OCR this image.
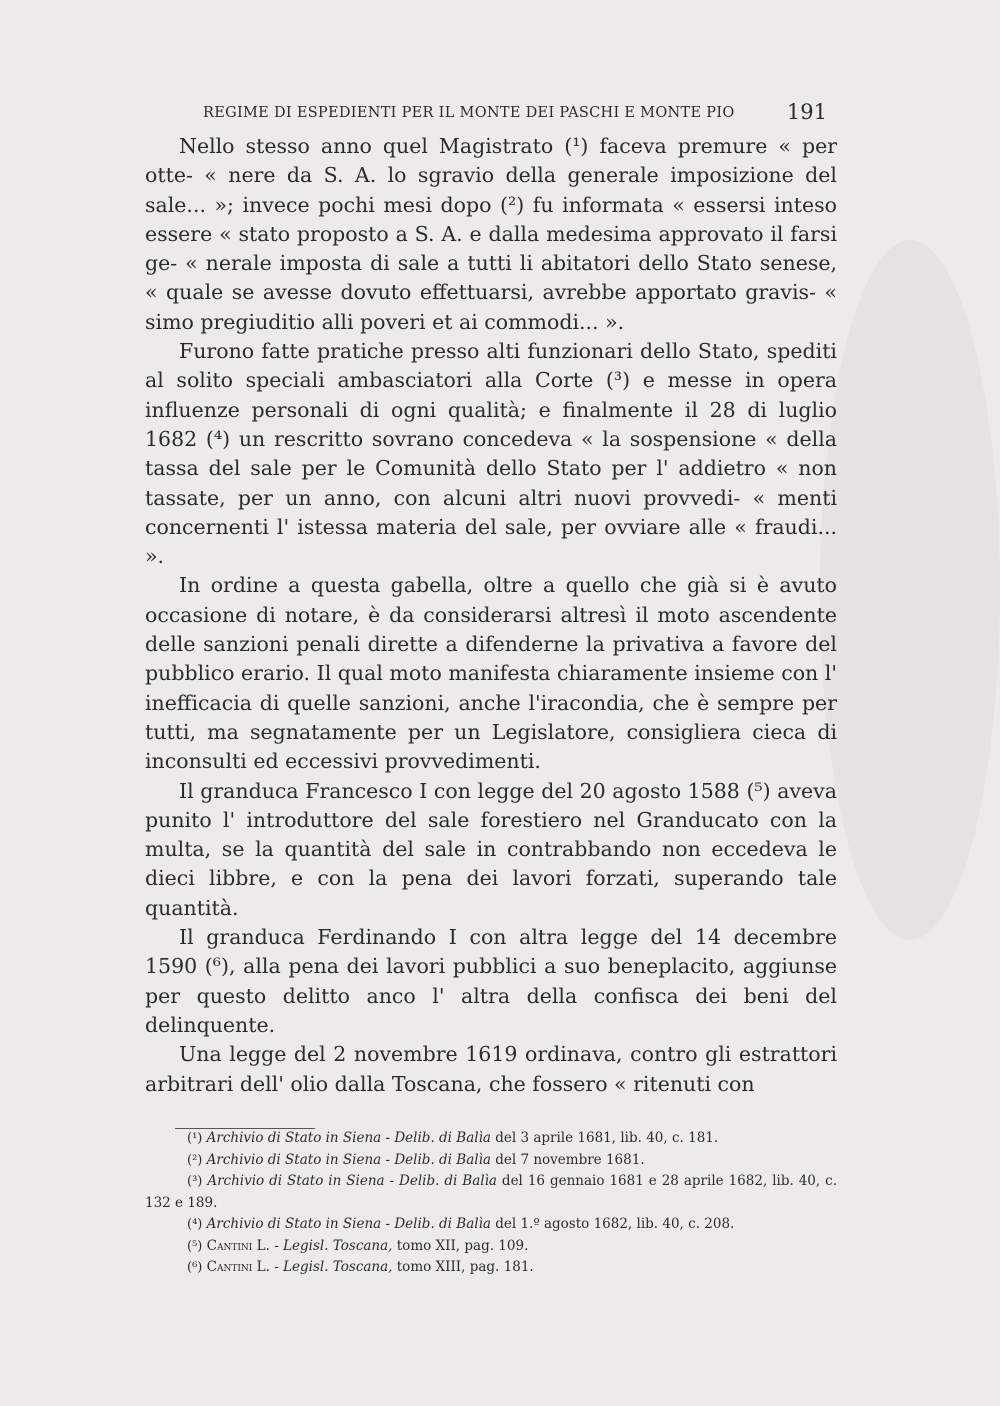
REGIME DI ESPEDIENTI PER IL MONTE DEI PASCHI E MONTE PIO 191

Nello stesso anno quel Magistrato (¹) faceva premure « per otte- « nere da S. A. lo sgravio della generale imposizione del sale... »; invece pochi mesi dopo (²) fu informata « essersi inteso essere « stato proposto a S. A. e dalla medesima approvato il farsi ge- « nerale imposta di sale a tutti li abitatori dello Stato senese, « quale se avesse dovuto effettuarsi, avrebbe apportato gravis- « simo pregiuditio alli poveri et ai commodi... ».

Furono fatte pratiche presso alti funzionari dello Stato, spediti al solito speciali ambasciatori alla Corte (³) e messe in opera influenze personali di ogni qualità; e finalmente il 28 di luglio 1682 (⁴) un rescritto sovrano concedeva « la sospensione « della tassa del sale per le Comunità dello Stato per l' addietro « non tassate, per un anno, con alcuni altri nuovi provvedi- « menti concernenti l' istessa materia del sale, per ovviare alle « fraudi... ».

In ordine a questa gabella, oltre a quello che già si è avuto occasione di notare, è da considerarsi altresì il moto ascendente delle sanzioni penali dirette a difenderne la privativa a favore del pubblico erario. Il qual moto manifesta chiaramente insieme con l' inefficacia di quelle sanzioni, anche l'iracondia, che è sempre per tutti, ma segnatamente per un Legislatore, consigliera cieca di inconsulti ed eccessivi provvedimenti.

Il granduca Francesco I con legge del 20 agosto 1588 (⁵) aveva punito l' introduttore del sale forestiero nel Granducato con la multa, se la quantità del sale in contrabbando non eccedeva le dieci libbre, e con la pena dei lavori forzati, superando tale quantità.

Il granduca Ferdinando I con altra legge del 14 decembre 1590 (⁶), alla pena dei lavori pubblici a suo beneplacito, aggiunse per questo delitto anco l' altra della confisca dei beni del delinquente.

Una legge del 2 novembre 1619 ordinava, contro gli estrattori arbitrari dell' olio dalla Toscana, che fossero « ritenuti con

(¹) Archivio di Stato in Siena - Delib. di Balìa del 3 aprile 1681, lib. 40, c. 181.

(²) Archivio di Stato in Siena - Delib. di Balìa del 7 novembre 1681.

(³) Archivio di Stato in Siena - Delib. di Balìa del 16 gennaio 1681 e 28 aprile 1682, lib. 40, c. 132 e 189.

(⁴) Archivio di Stato in Siena - Delib. di Balìa del 1.º agosto 1682, lib. 40, c. 208.

(⁵) Cantini L. - Legisl. Toscana, tomo XII, pag. 109.

(⁶) Cantini L. - Legisl. Toscana, tomo XIII, pag. 181.
